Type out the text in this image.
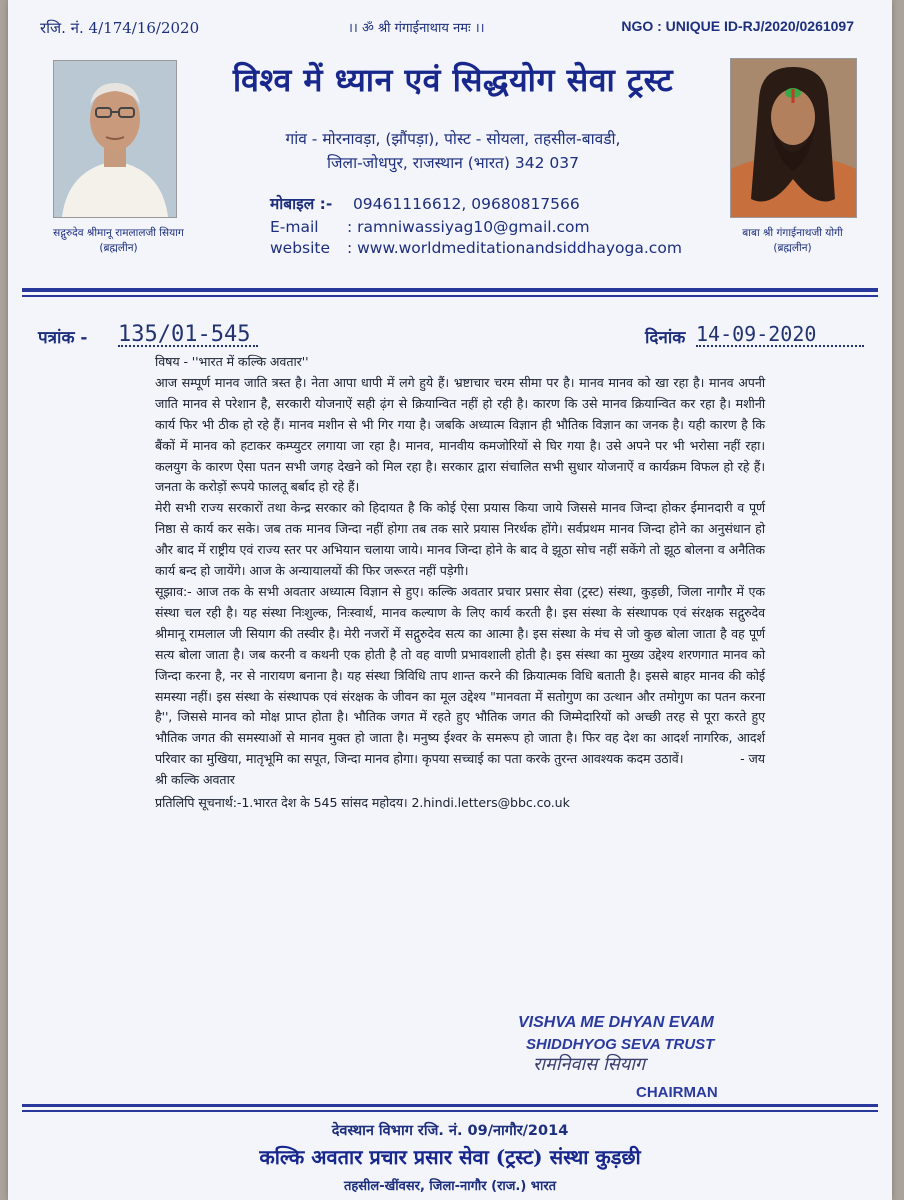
रजि. नं. 4/174/16/2020	।। ॐ श्री गंगाईनाथाय नमः ।।	NGO : UNIQUE ID-RJ/2020/0261097
सद्गुरुदेव श्रीमानू रामलालजी सियाग
(ब्रह्मलीन)
बाबा श्री गंगाईनाथजी योगी
(ब्रह्मलीन)
विश्व में ध्यान एवं सिद्धयोग सेवा ट्रस्ट
गांव - मोरनावड़ा, (झौंपड़ा), पोस्ट - सोयला, तहसील-बावडी,
जिला-जोधपुर, राजस्थान (भारत) 342 037
मोबाइल :- 09461116612, 09680817566
E-mail : ramniwassiyag10@gmail.com
website : www.worldmeditationandsiddhayoga.com
पत्रांक - 135/01-545	दिनांक 14-09-2020

विषय - ''भारत में कल्कि अवतार''

आज सम्पूर्ण मानव जाति त्रस्त है। नेता आपा धापी में लगे हुये हैं। भ्रष्टाचार चरम सीमा पर है। मानव मानव को खा रहा है। मानव अपनी जाति मानव से परेशान है, सरकारी योजनाऐं सही ढ़ंग से क्रियान्वित नहीं हो रही है। कारण कि उसे मानव क्रियान्वित कर रहा है। मशीनी कार्य फिर भी ठीक हो रहे हैं। मानव मशीन से भी गिर गया है। जबकि अध्यात्म विज्ञान ही भौतिक विज्ञान का जनक है। यही कारण है कि बैंकों में मानव को हटाकर कम्प्युटर लगाया जा रहा है। मानव, मानवीय कमजोरियों से घिर गया है। उसे अपने पर भी भरोसा नहीं रहा। कलयुग के कारण ऐसा पतन सभी जगह देखने को मिल रहा है। सरकार द्वारा संचालित सभी सुधार योजनाऐं व कार्यक्रम विफल हो रहे हैं। जनता के करोड़ों रूपये फालतू बर्बाद हो रहे हैं।

मेरी सभी राज्य सरकारों तथा केन्द्र सरकार को हिदायत है कि कोई ऐसा प्रयास किया जाये जिससे मानव जिन्दा होकर ईमानदारी व पूर्ण निष्ठा से कार्य कर सके। जब तक मानव जिन्दा नहीं होगा तब तक सारे प्रयास निरर्थक होंगे। सर्वप्रथम मानव जिन्दा होने का अनुसंधान हो और बाद में राष्ट्रीय एवं राज्य स्तर पर अभियान चलाया जाये। मानव जिन्दा होने के बाद वे झूठा सोच नहीं सकेंगे तो झूठ बोलना व अनैतिक कार्य बन्द हो जायेंगे। आज के अन्यायालयों की फिर जरूरत नहीं पड़ेगी।

सूझाव:- आज तक के सभी अवतार अध्यात्म विज्ञान से हुए। कल्कि अवतार प्रचार प्रसार सेवा (ट्रस्ट) संस्था, कुड़छी, जिला नागौर में एक संस्था चल रही है। यह संस्था निःशुल्क, निःस्वार्थ, मानव कल्याण के लिए कार्य करती है। इस संस्था के संस्थापक एवं संरक्षक सद्गुरुदेव श्रीमानू रामलाल जी सियाग की तस्वीर है। मेरी नजरों में सद्गुरुदेव सत्य का आत्मा है। इस संस्था के मंच से जो कुछ बोला जाता है वह पूर्ण सत्य बोला जाता है। जब करनी व कथनी एक होती है तो वह वाणी प्रभावशाली होती है। इस संस्था का मुख्य उद्देश्य शरणगात मानव को जिन्दा करना है, नर से नारायण बनाना है। यह संस्था त्रिविधि ताप शान्त करने की क्रियात्मक विधि बताती है। इससे बाहर मानव की कोई समस्या नहीं। इस संस्था के संस्थापक एवं संरक्षक के जीवन का मूल उद्देश्य "मानवता में सतोगुण का उत्थान और तमोगुण का पतन करना है'', जिससे मानव को मोक्ष प्राप्त होता है। भौतिक जगत में रहते हुए भौतिक जगत की जिम्मेदारियों को अच्छी तरह से पूरा करते हुए भौतिक जगत की समस्याओं से मानव मुक्त हो जाता है। मनुष्य ईश्वर के समरूप हो जाता है। फिर वह देश का आदर्श नागरिक, आदर्श परिवार का मुखिया, मातृभूमि का सपूत, जिन्दा मानव होगा। कृपया सच्चाई का पता करके तुरन्त आवश्यक कदम उठावें।	- जय श्री कल्कि अवतार

प्रतिलिपि सूचनार्थ:-1.भारत देश के 545 सांसद महोदय। 2.hindi.letters@bbc.co.uk

VISHVA ME DHYAN EVAM
SHIDDHYOG SEVA TRUST
रामनिवास सियाग
CHAIRMAN
देवस्थान विभाग रजि. नं. 09/नागौर/2014
कल्कि अवतार प्रचार प्रसार सेवा (ट्रस्ट) संस्था कुड़छी
तहसील-खींवसर, जिला-नागौर (राज.) भारत
